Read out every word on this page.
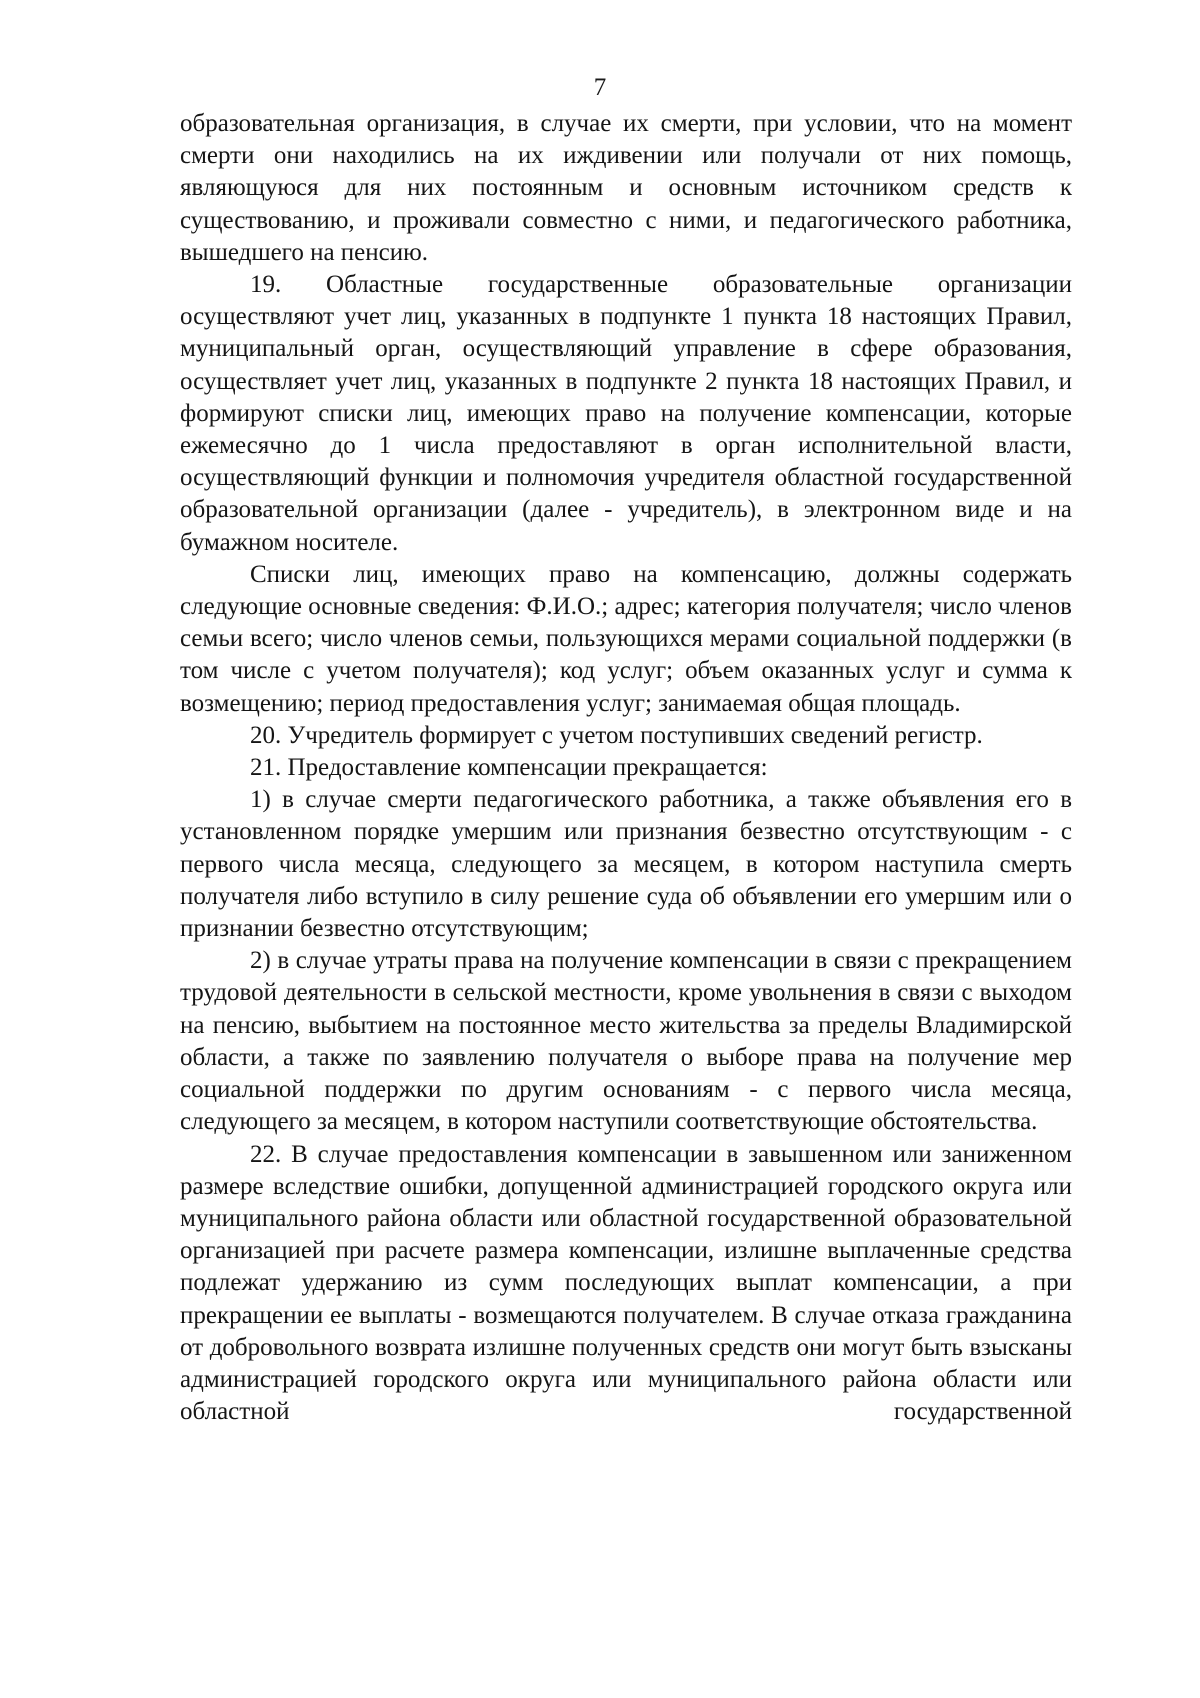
7

образовательная организация, в случае их смерти, при условии, что на момент смерти они находились на их иждивении или получали от них помощь, являющуюся для них постоянным и основным источником средств к существованию, и проживали совместно с ними, и педагогического работника, вышедшего на пенсию.

19. Областные государственные образовательные организации осуществляют учет лиц, указанных в подпункте 1 пункта 18 настоящих Правил, муниципальный орган, осуществляющий управление в сфере образования, осуществляет учет лиц, указанных в подпункте 2 пункта 18 настоящих Правил, и формируют списки лиц, имеющих право на получение компенсации, которые ежемесячно до 1 числа предоставляют в орган исполнительной власти, осуществляющий функции и полномочия учредителя областной государственной образовательной организации (далее - учредитель), в электронном виде и на бумажном носителе.

Списки лиц, имеющих право на компенсацию, должны содержать следующие основные сведения: Ф.И.О.; адрес; категория получателя; число членов семьи всего; число членов семьи, пользующихся мерами социальной поддержки (в том числе с учетом получателя); код услуг; объем оказанных услуг и сумма к возмещению; период предоставления услуг; занимаемая общая площадь.

20. Учредитель формирует с учетом поступивших сведений регистр.

21. Предоставление компенсации прекращается:

1) в случае смерти педагогического работника, а также объявления его в установленном порядке умершим или признания безвестно отсутствующим - с первого числа месяца, следующего за месяцем, в котором наступила смерть получателя либо вступило в силу решение суда об объявлении его умершим или о признании безвестно отсутствующим;

2) в случае утраты права на получение компенсации в связи с прекращением трудовой деятельности в сельской местности, кроме увольнения в связи с выходом на пенсию, выбытием на постоянное место жительства за пределы Владимирской области, а также по заявлению получателя о выборе права на получение мер социальной поддержки по другим основаниям - с первого числа месяца, следующего за месяцем, в котором наступили соответствующие обстоятельства.

22. В случае предоставления компенсации в завышенном или заниженном размере вследствие ошибки, допущенной администрацией городского округа или муниципального района области или областной государственной образовательной организацией при расчете размера компенсации, излишне выплаченные средства подлежат удержанию из сумм последующих выплат компенсации, а при прекращении ее выплаты - возмещаются получателем. В случае отказа гражданина от добровольного возврата излишне полученных средств они могут быть взысканы администрацией городского округа или муниципального района области или областной государственной
